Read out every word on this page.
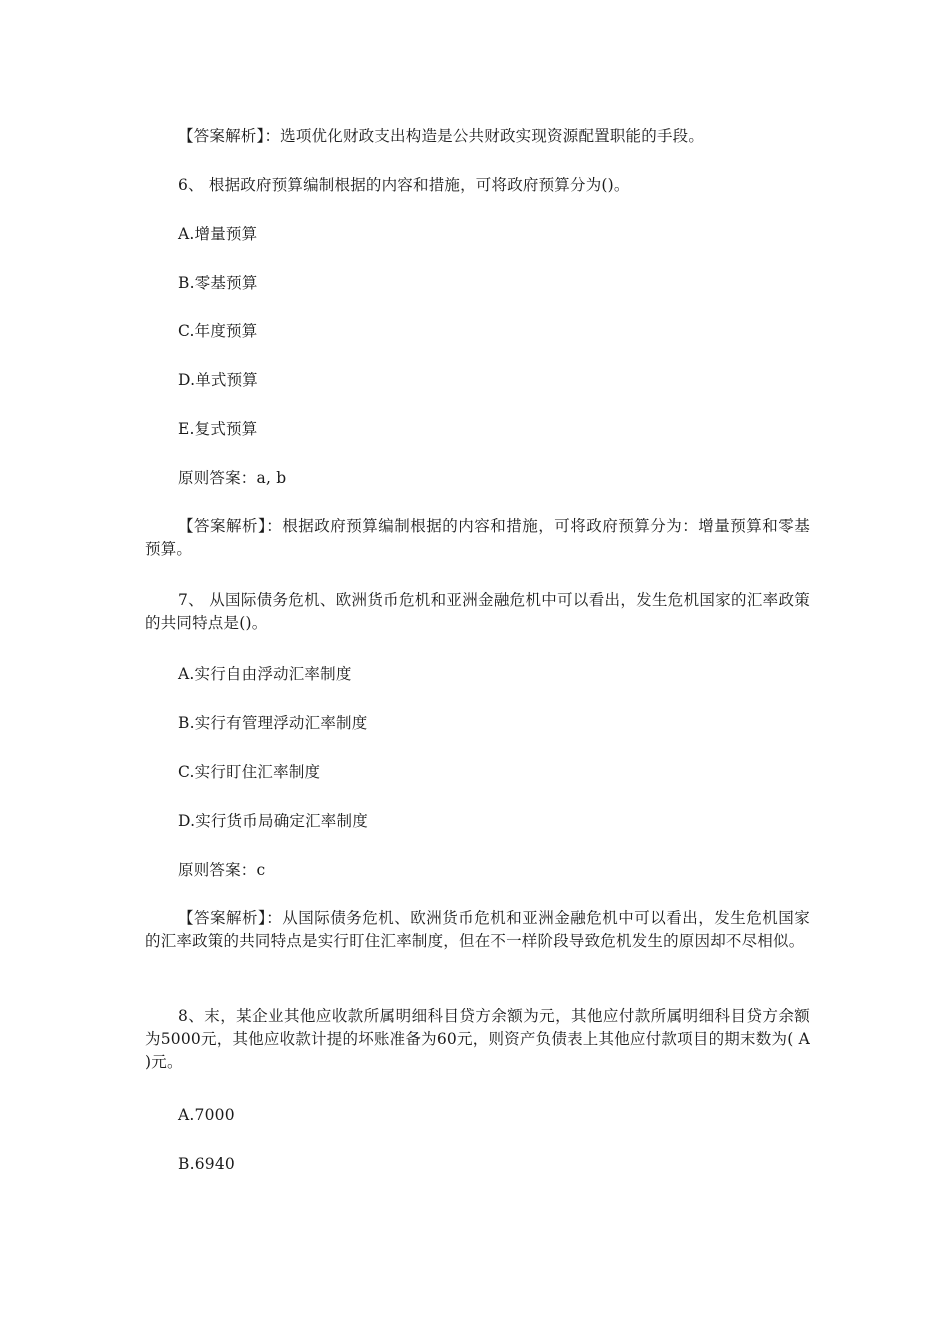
【答案解析】：选项优化财政支出构造是公共财政实现资源配置职能的手段。

6、 根据政府预算编制根据的内容和措施，可将政府预算分为()。

A.增量预算

B.零基预算

C.年度预算

D.单式预算

E.复式预算

原则答案：a, b

【答案解析】：根据政府预算编制根据的内容和措施，可将政府预算分为：增量预算和零基预算。

7、 从国际债务危机、欧洲货币危机和亚洲金融危机中可以看出，发生危机国家的汇率政策的共同特点是()。

A.实行自由浮动汇率制度

B.实行有管理浮动汇率制度

C.实行盯住汇率制度

D.实行货币局确定汇率制度

原则答案：c

【答案解析】：从国际债务危机、欧洲货币危机和亚洲金融危机中可以看出，发生危机国家的汇率政策的共同特点是实行盯住汇率制度，但在不一样阶段导致危机发生的原因却不尽相似。

8、末，某企业其他应收款所属明细科目贷方余额为元，其他应付款所属明细科目贷方余额为5000元，其他应收款计提的坏账准备为60元，则资产负债表上其他应付款项目的期末数为( A )元。

A.7000

B.6940
